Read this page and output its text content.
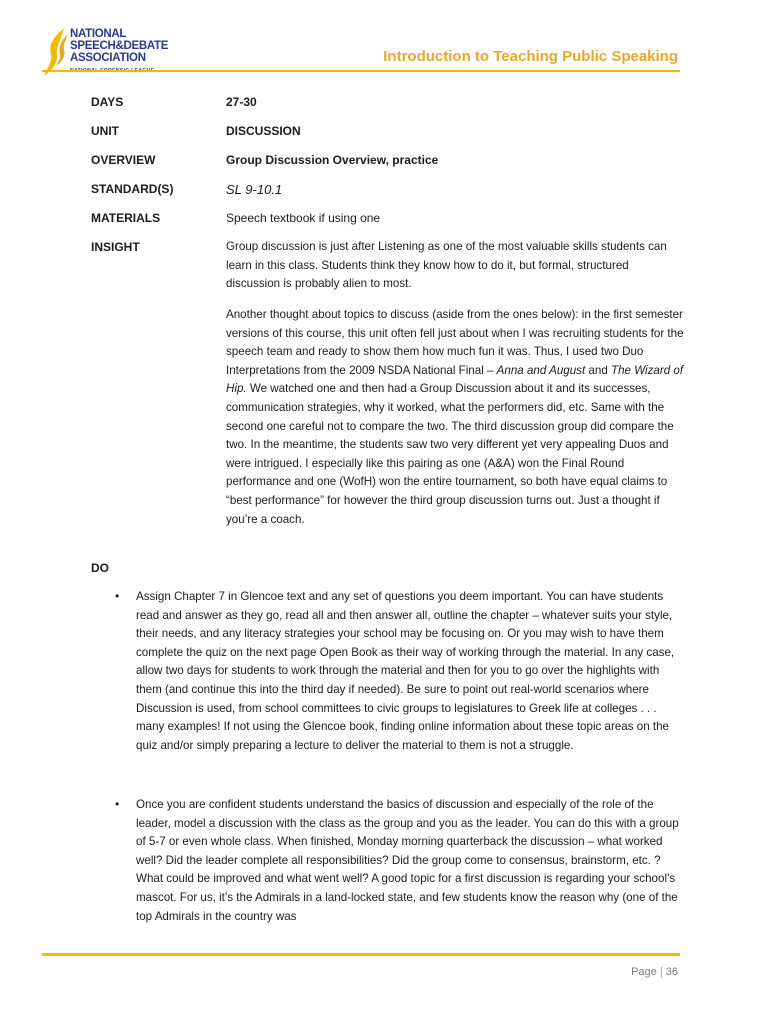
NATIONAL
SPEECH&DEBATE
ASSOCIATION	Introduction to Teaching Public Speaking
DAYS	27-30
UNIT	DISCUSSION
OVERVIEW	Group Discussion Overview, practice
STANDARD(S)	SL 9-10.1
MATERIALS	Speech textbook if using one
INSIGHT	Group discussion is just after Listening as one of the most valuable skills students can learn in this class. Students think they know how to do it, but formal, structured discussion is probably alien to most.
Another thought about topics to discuss (aside from the ones below): in the first semester versions of this course, this unit often fell just about when I was recruiting students for the speech team and ready to show them how much fun it was. Thus, I used two Duo Interpretations from the 2009 NSDA National Final – Anna and August and The Wizard of Hip. We watched one and then had a Group Discussion about it and its successes, communication strategies, why it worked, what the performers did, etc. Same with the second one careful not to compare the two. The third discussion group did compare the two. In the meantime, the students saw two very different yet very appealing Duos and were intrigued. I especially like this pairing as one (A&A) won the Final Round performance and one (WofH) won the entire tournament, so both have equal claims to “best performance” for however the third group discussion turns out. Just a thought if you’re a coach.
DO
• Assign Chapter 7 in Glencoe text and any set of questions you deem important. You can have students read and answer as they go, read all and then answer all, outline the chapter – whatever suits your style, their needs, and any literacy strategies your school may be focusing on. Or you may wish to have them complete the quiz on the next page Open Book as their way of working through the material. In any case, allow two days for students to work through the material and then for you to go over the highlights with them (and continue this into the third day if needed). Be sure to point out real-world scenarios where Discussion is used, from school committees to civic groups to legislatures to Greek life at colleges . . . many examples! If not using the Glencoe book, finding online information about these topic areas on the quiz and/or simply preparing a lecture to deliver the material to them is not a struggle.
• Once you are confident students understand the basics of discussion and especially of the role of the leader, model a discussion with the class as the group and you as the leader. You can do this with a group of 5-7 or even whole class. When finished, Monday morning quarterback the discussion – what worked well? Did the leader complete all responsibilities? Did the group come to consensus, brainstorm, etc. ? What could be improved and what went well? A good topic for a first discussion is regarding your school’s mascot. For us, it’s the Admirals in a land-locked state, and few students know the reason why (one of the top Admirals in the country was
Page | 36
